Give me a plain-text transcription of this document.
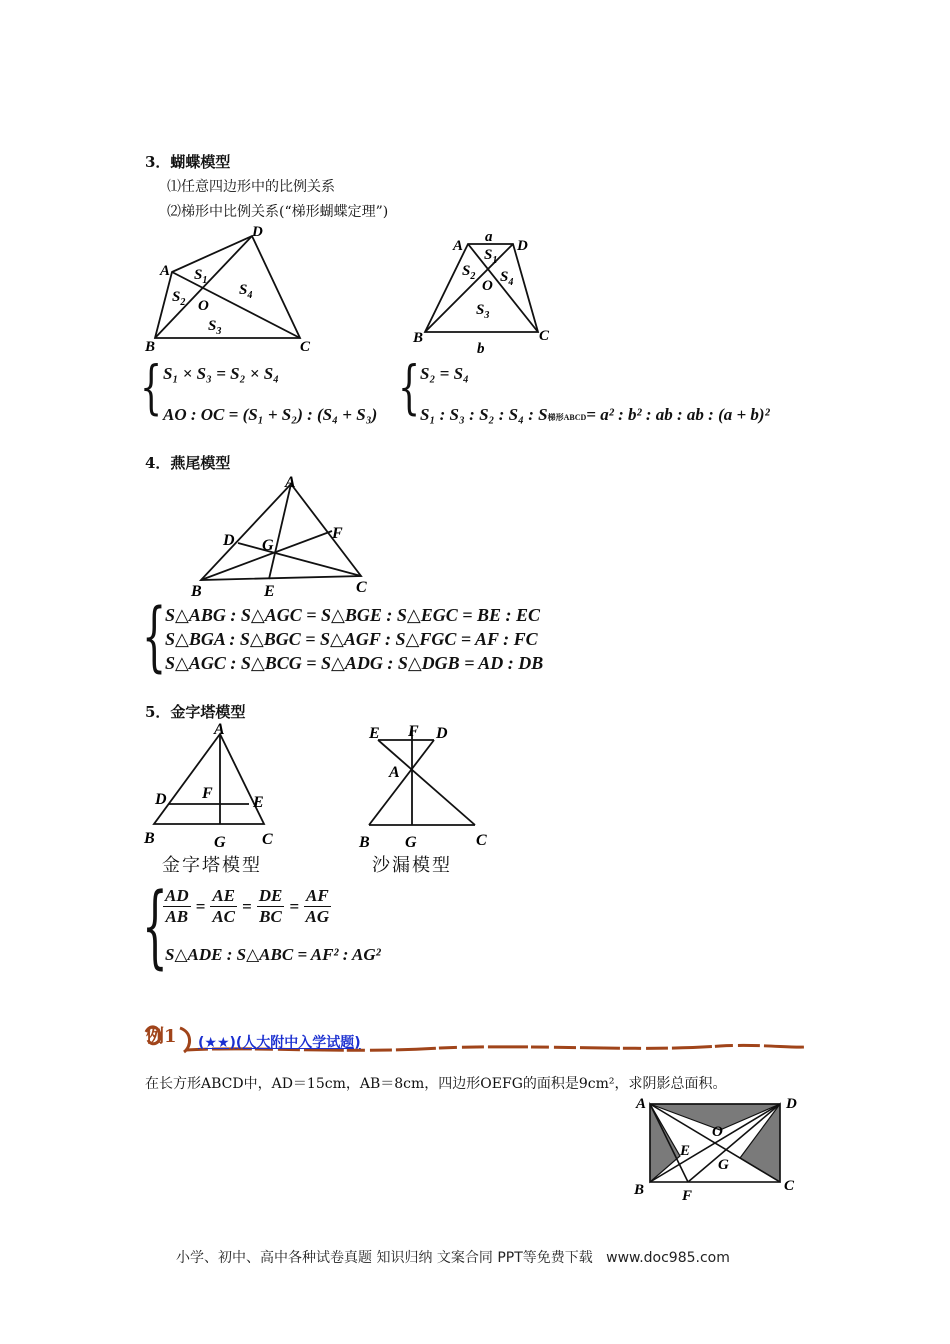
3．蝴蝶模型
⑴任意四边形中的比例关系
⑵梯形中比例关系(“梯形蝴蝶定理”)
D
A
B	C
O
$S_1$
$S_2$
$S_3$
$S_4$
A	D
B	C
a
b
O
$S_1$
$S_2$
$S_3$
$S_4$
{ S₁ × S₃ = S₂ × S₄
AO : OC = (S₁ + S₂) : (S₄ + S₃) { S₂ = S₄
S₁ : S₃ : S₂ : S₄ : S梯形ABCD= a² : b² : ab : ab : (a + b)²
4．燕尾模型
A
D G
F
B	E	C
{
S△ABG : S△AGC = S△BGE : S△EGC = BE : EC
S△BGA : S△BGC = S△AGF : S△FGC = AF : FC
S△AGC : S△BCG = S△ADG : S△DGB = AD : DB
5．金字塔模型
A
D F
E
B	G C
金字塔模型
E F D
A
B G	C
沙漏模型
{
$\frac{AD}{AB} = \frac{AE}{AC} = \frac{DE}{BC} = \frac{AF}{AG}$
S△ADE : S△ABC = AF² : AG²
例1 (★★)(人大附中入学试题)
在长方形ABCD中，AD＝15cm，AB＝8cm，四边形OEFG的面积是9cm²，求阴影总面积。
A	D
B	C
O
E
G
F
小学、初中、高中各种试卷真题 知识归纳 文案合同 PPT等免费下载   www.doc985.com
